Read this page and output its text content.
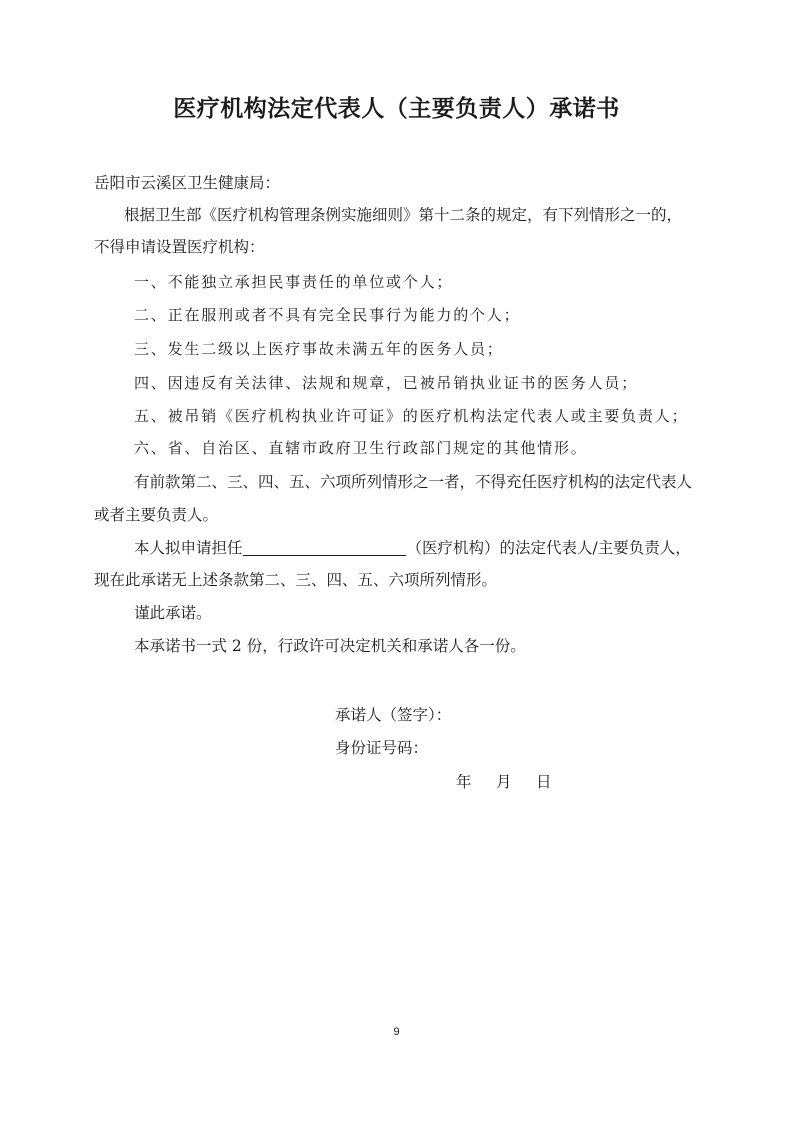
医疗机构法定代表人（主要负责人）承诺书
岳阳市云溪区卫生健康局：
根据卫生部《医疗机构管理条例实施细则》第十二条的规定，有下列情形之一的，
不得申请设置医疗机构：
一、不能独立承担民事责任的单位或个人；
二、正在服刑或者不具有完全民事行为能力的个人；
三、发生二级以上医疗事故未满五年的医务人员；
四、因违反有关法律、法规和规章，已被吊销执业证书的医务人员；
五、被吊销《医疗机构执业许可证》的医疗机构法定代表人或主要负责人；
六、省、自治区、直辖市政府卫生行政部门规定的其他情形。
有前款第二、三、四、五、六项所列情形之一者，不得充任医疗机构的法定代表人
或者主要负责人。
本人拟申请担任	（医疗机构）的法定代表人/主要负责人，
现在此承诺无上述条款第二、三、四、五、六项所列情形。
谨此承诺。
本承诺书一式 2 份，行政许可决定机关和承诺人各一份。
承诺人（签字）：
身份证号码：
年 月 日
9
